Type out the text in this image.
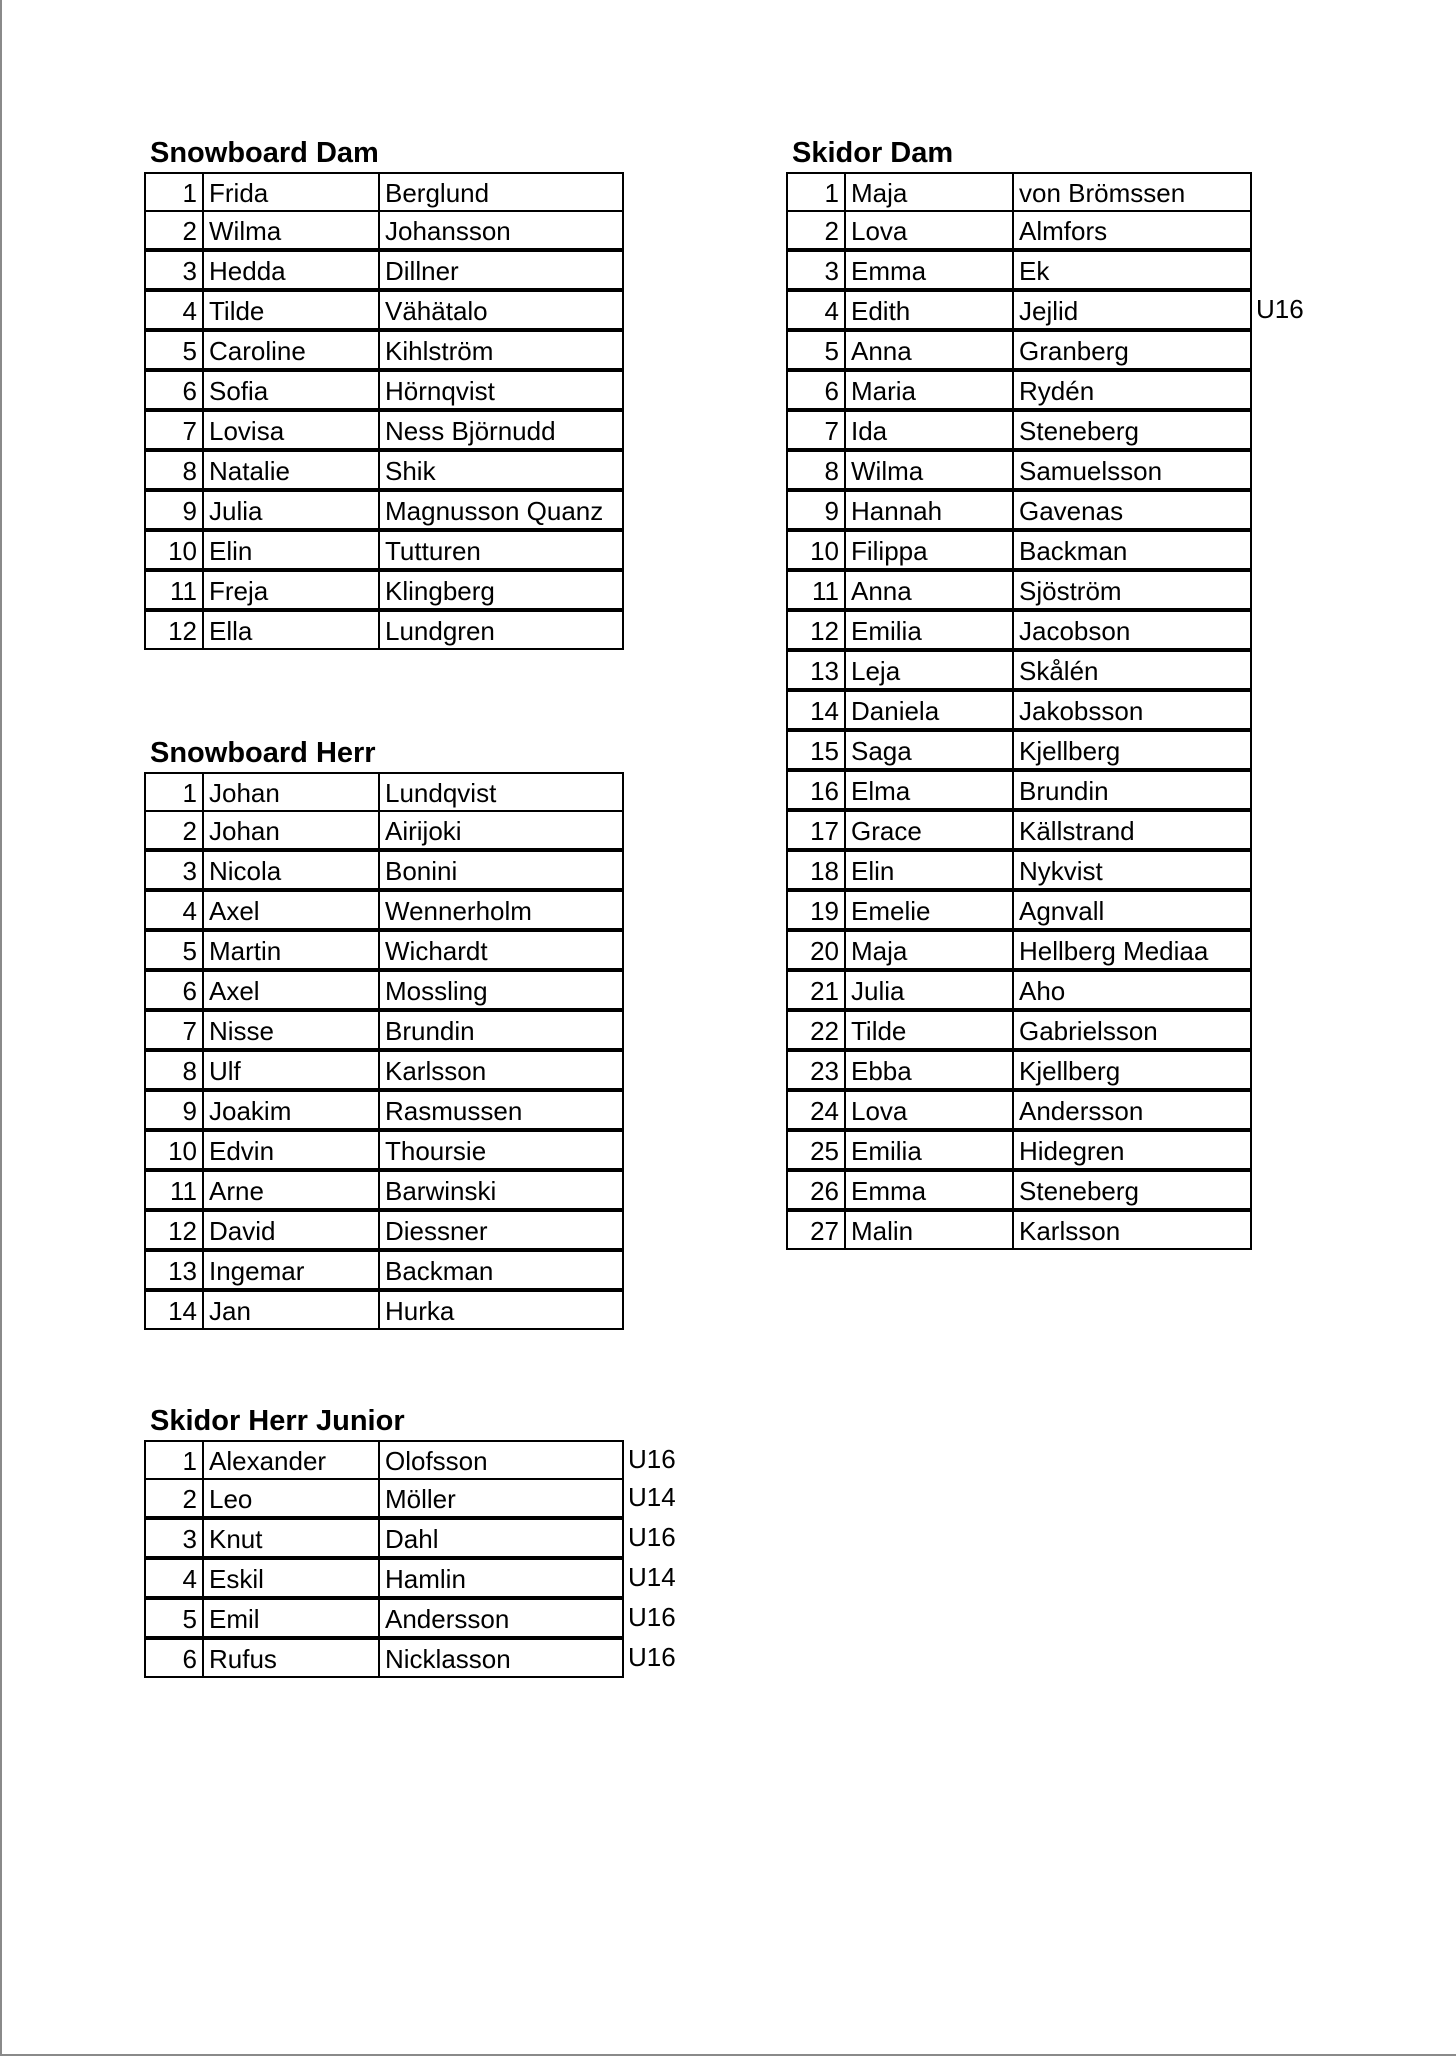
Snowboard Dam
1 Frida	Berglund
2 Wilma	Johansson
3 Hedda	Dillner
4 Tilde	Vähätalo
5 Caroline	Kihlström
6 Sofia	Hörnqvist
7 Lovisa	Ness Björnudd
8 Natalie	Shik
9 Julia	Magnusson Quanz
10 Elin	Tutturen
11 Freja	Klingberg
12 Ella	Lundgren
Snowboard Herr
1 Johan	Lundqvist
2 Johan	Airijoki
3 Nicola	Bonini
4 Axel	Wennerholm
5 Martin	Wichardt
6 Axel	Mossling
7 Nisse	Brundin
8 Ulf	Karlsson
9 Joakim	Rasmussen
10 Edvin	Thoursie
11 Arne	Barwinski
12 David	Diessner
13 Ingemar	Backman
14 Jan	Hurka
Skidor Herr Junior
1 Alexander	Olofsson	U16
2 Leo	Möller	U14
3 Knut	Dahl	U16
4 Eskil	Hamlin	U14
5 Emil	Andersson	U16
6 Rufus	Nicklasson	U16
Skidor Dam
1 Maja	von Brömssen
2 Lova	Almfors
3 Emma	Ek
4 Edith	Jejlid	U16
5 Anna	Granberg
6 Maria	Rydén
7 Ida	Steneberg
8 Wilma	Samuelsson
9 Hannah	Gavenas
10 Filippa	Backman
11 Anna	Sjöström
12 Emilia	Jacobson
13 Leja	Skålén
14 Daniela	Jakobsson
15 Saga	Kjellberg
16 Elma	Brundin
17 Grace	Källstrand
18 Elin	Nykvist
19 Emelie	Agnvall
20 Maja	Hellberg Mediaa
21 Julia	Aho
22 Tilde	Gabrielsson
23 Ebba	Kjellberg
24 Lova	Andersson
25 Emilia	Hidegren
26 Emma	Steneberg
27 Malin	Karlsson
